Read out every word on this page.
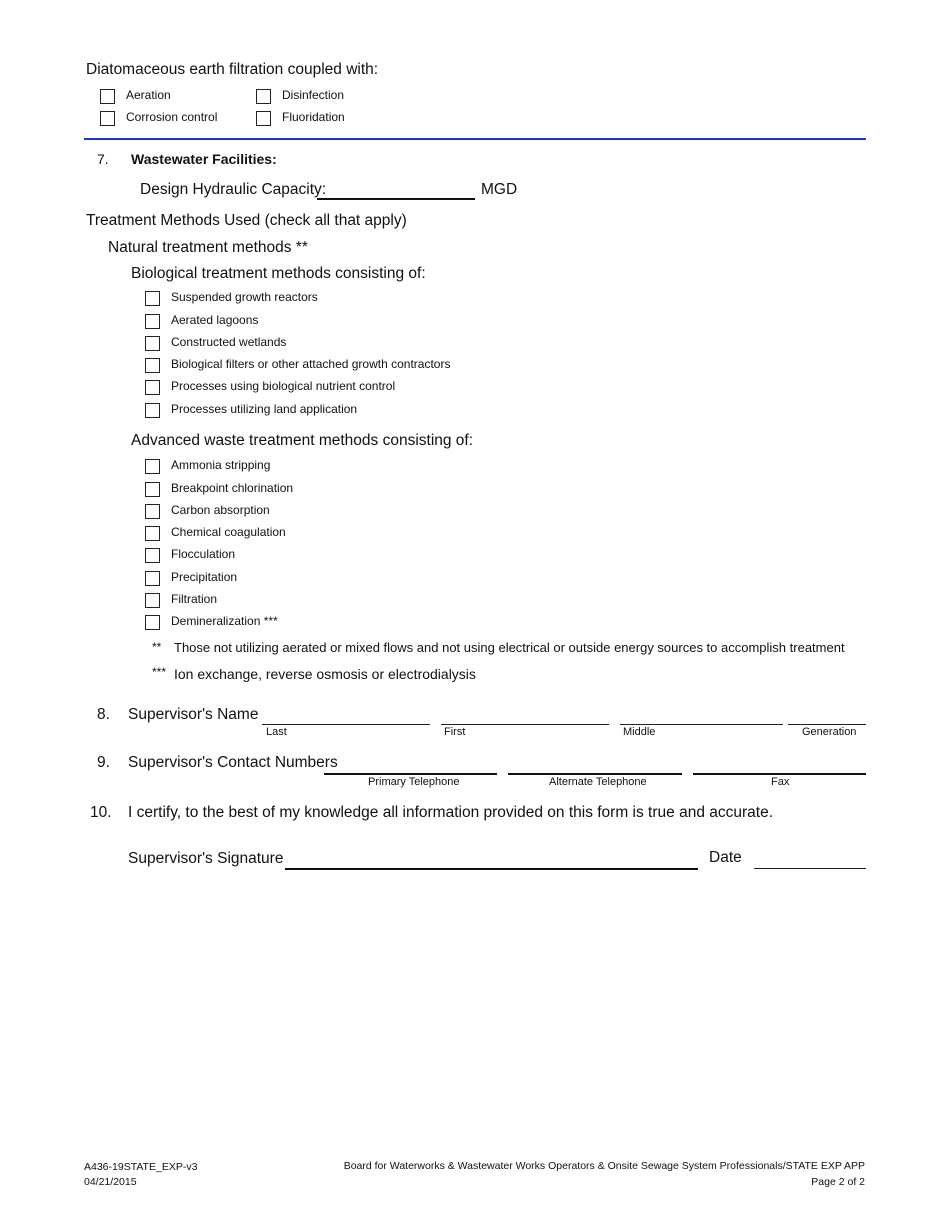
Diatomaceous earth filtration coupled with:
Aeration	Disinfection
Corrosion control	Fluoridation
7. Wastewater Facilities:
Design Hydraulic Capacity:	MGD
Treatment Methods Used (check all that apply)
Natural treatment methods **
Biological treatment methods consisting of:
Suspended growth reactors
Aerated lagoons
Constructed wetlands
Biological filters or other attached growth contractors
Processes using biological nutrient control
Processes utilizing land application
Advanced waste treatment methods consisting of:
Ammonia stripping
Breakpoint chlorination
Carbon absorption
Chemical coagulation
Flocculation
Precipitation
Filtration
Demineralization ***
** Those not utilizing aerated or mixed flows and not using electrical or outside energy sources to accomplish treatment
*** Ion exchange, reverse osmosis or electrodialysis
8. Supervisor's Name
Last	First	Middle	Generation
9. Supervisor's Contact Numbers
Primary Telephone	Alternate Telephone	Fax
10. I certify, to the best of my knowledge all information provided on this form is true and accurate.
Supervisor's Signature	Date
A436-19STATE_EXP-v3
04/21/2015
Board for Waterworks & Wastewater Works Operators & Onsite Sewage System Professionals/STATE EXP APP
Page 2 of 2
